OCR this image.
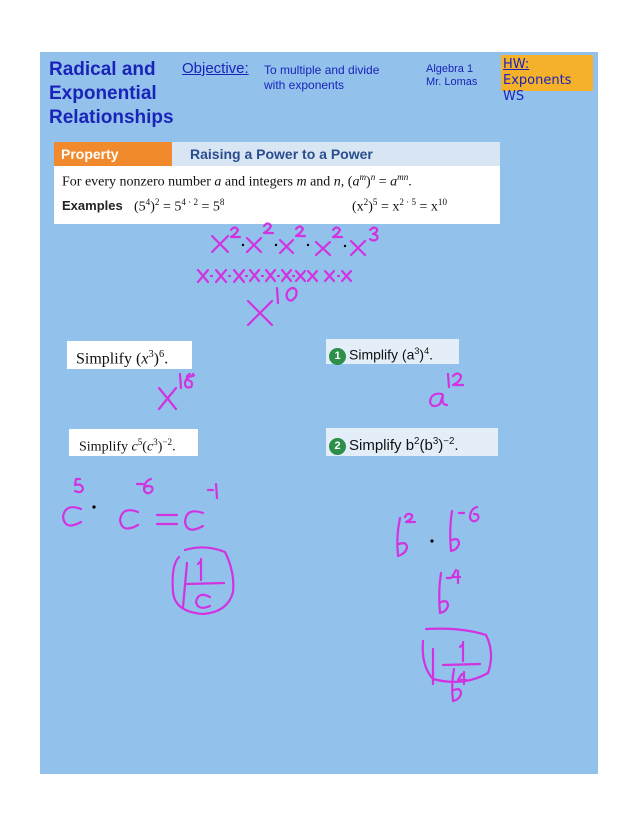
Radical and
Exponential
Relationships
Objective: To multiple and divide
with exponents
Algebra 1
Mr. Lomas
HW:
Exponents WS
Property	Raising a Power to a Power
For every nonzero number a and integers m and n, $(a^m)^n = a^{mn}$.
Examples $(5^4)^2 = 5^{4 \cdot 2} = 5^8$	$(x^2)^5 = x^{2 \cdot 5} = x^{10}$
Simplify $(x^3)^6$.	1 Simplify $(a^3)^4$.
Simplify $c^5(c^3)^{-2}$.	2 Simplify $b^2(b^3)^{-2}$.
